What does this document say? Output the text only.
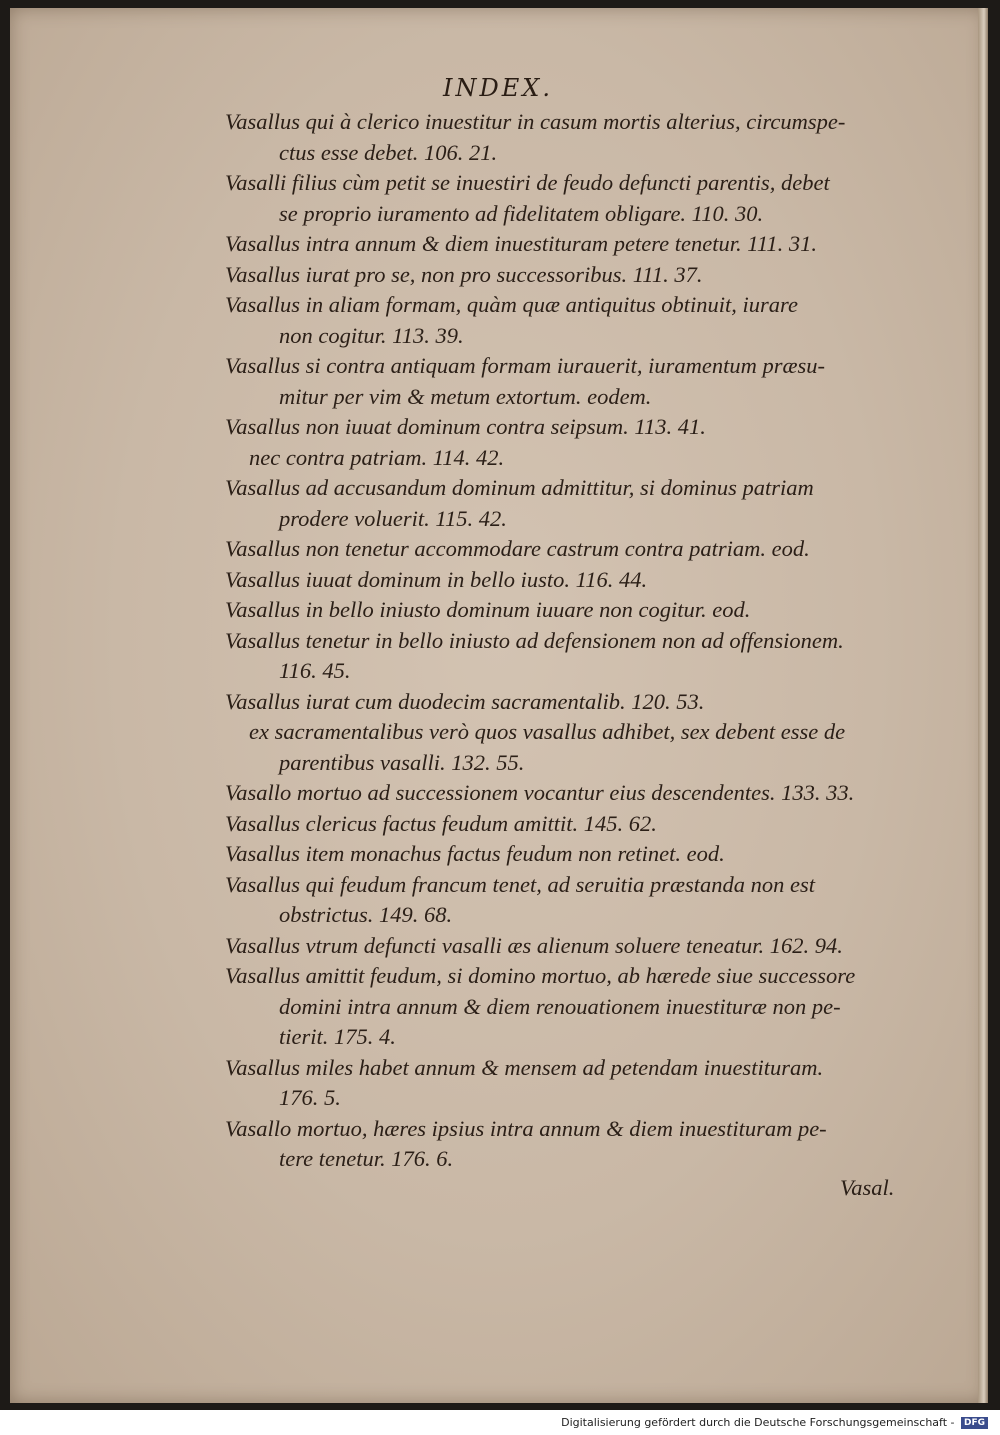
INDEX.
Vasallus qui à clerico inuestitur in casum mortis alterius, circumspe-
ctus esse debet. 106. 21.
Vasalli filius cùm petit se inuestiri de feudo defuncti parentis, debet
se proprio iuramento ad fidelitatem obligare. 110. 30.
Vasallus intra annum & diem inuestituram petere tenetur. 111. 31.
Vasallus iurat pro se, non pro successoribus. 111. 37.
Vasallus in aliam formam, quàm quæ antiquitus obtinuit, iurare
non cogitur. 113. 39.
Vasallus si contra antiquam formam iurauerit, iuramentum præsu-
mitur per vim & metum extortum. eodem.
Vasallus non iuuat dominum contra seipsum. 113. 41.
nec contra patriam. 114. 42.
Vasallus ad accusandum dominum admittitur, si dominus patriam
prodere voluerit. 115. 42.
Vasallus non tenetur accommodare castrum contra patriam. eod.
Vasallus iuuat dominum in bello iusto. 116. 44.
Vasallus in bello iniusto dominum iuuare non cogitur. eod.
Vasallus tenetur in bello iniusto ad defensionem non ad offensionem.
116. 45.
Vasallus iurat cum duodecim sacramentalib. 120. 53.
ex sacramentalibus verò quos vasallus adhibet, sex debent esse de
parentibus vasalli. 132. 55.
Vasallo mortuo ad successionem vocantur eius descendentes. 133. 33.
Vasallus clericus factus feudum amittit. 145. 62.
Vasallus item monachus factus feudum non retinet. eod.
Vasallus qui feudum francum tenet, ad seruitia præstanda non est
obstrictus. 149. 68.
Vasallus vtrum defuncti vasalli æs alienum soluere teneatur. 162. 94.
Vasallus amittit feudum, si domino mortuo, ab hærede siue successore
domini intra annum & diem renouationem inuestituræ non pe-
tierit. 175. 4.
Vasallus miles habet annum & mensem ad petendam inuestituram.
176. 5.
Vasallo mortuo, hæres ipsius intra annum & diem inuestituram pe-
tere tenetur. 176. 6.
Vasal.
Digitalisierung gefördert durch die Deutsche Forschungsgemeinschaft - DFG
